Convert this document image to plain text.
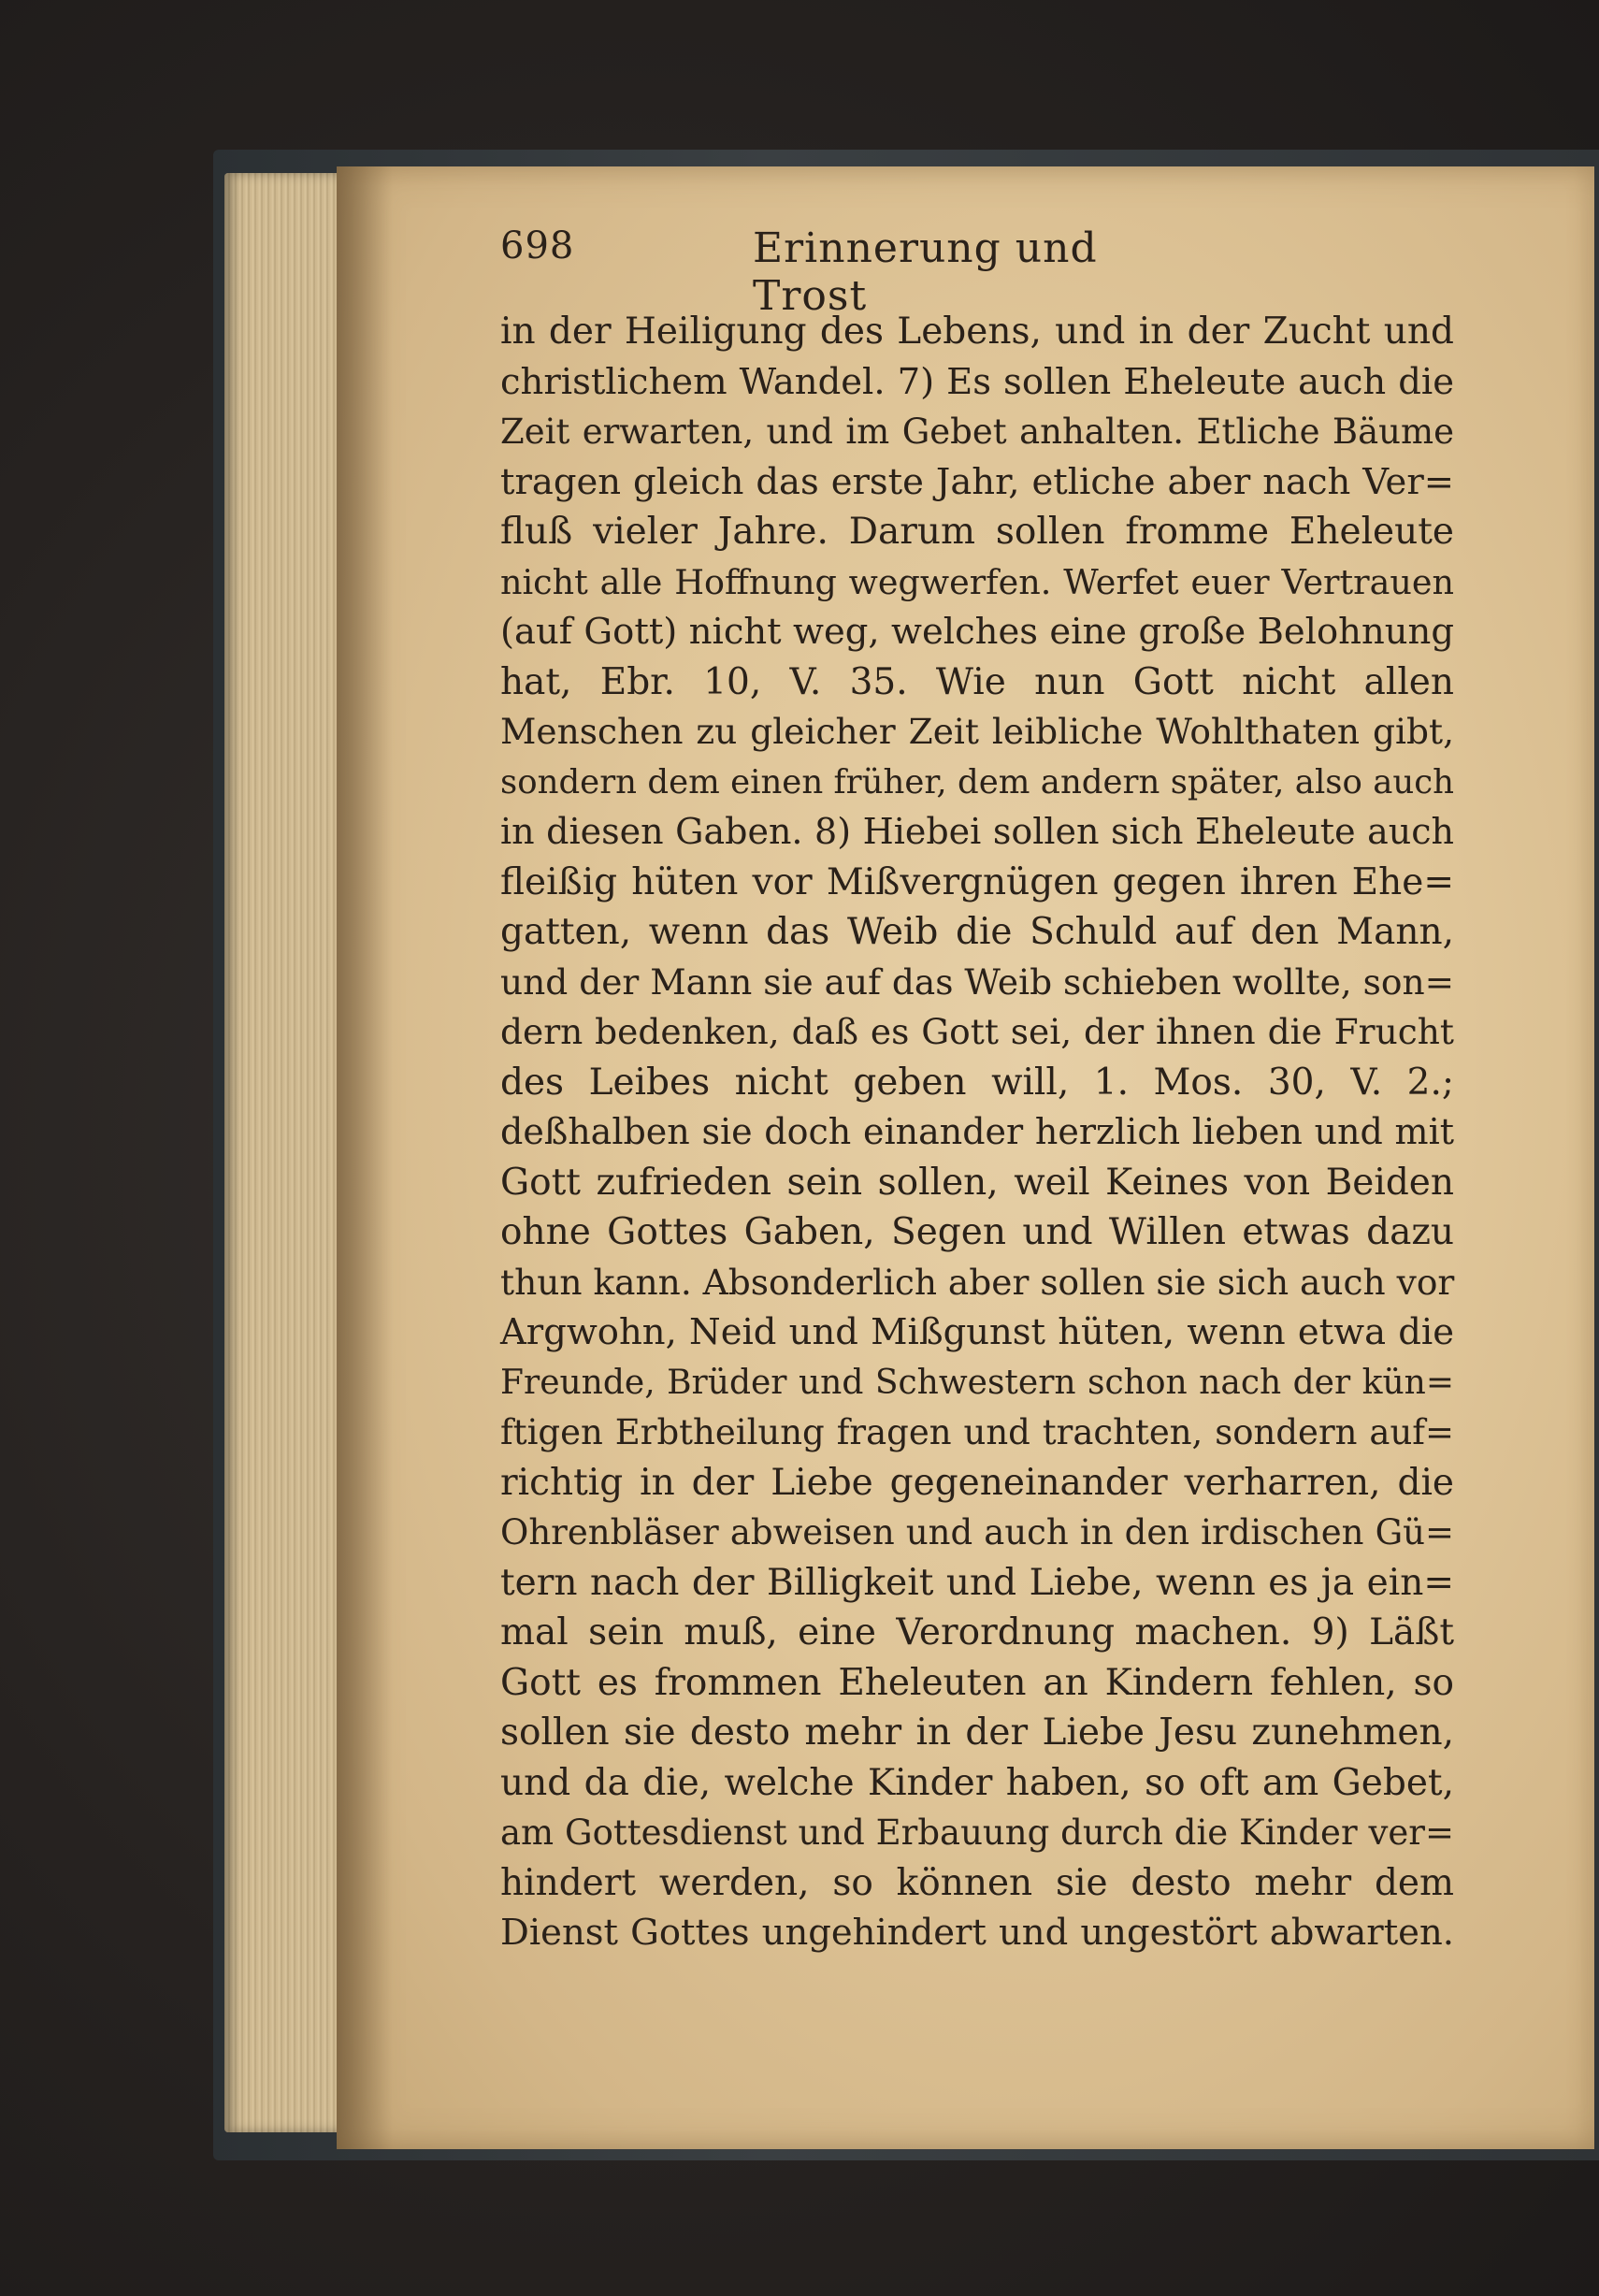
698	Erinnerung und Trost
in der Heiligung des Lebens, und in der Zucht und
christlichem Wandel. 7) Es sollen Eheleute auch die
Zeit erwarten, und im Gebet anhalten. Etliche Bäume
tragen gleich das erste Jahr, etliche aber nach Ver=
fluß vieler Jahre. Darum sollen fromme Eheleute
nicht alle Hoffnung wegwerfen. Werfet euer Vertrauen
(auf Gott) nicht weg, welches eine große Belohnung
hat, Ebr. 10, V. 35. Wie nun Gott nicht allen
Menschen zu gleicher Zeit leibliche Wohlthaten gibt,
sondern dem einen früher, dem andern später, also auch
in diesen Gaben. 8) Hiebei sollen sich Eheleute auch
fleißig hüten vor Mißvergnügen gegen ihren Ehe=
gatten, wenn das Weib die Schuld auf den Mann,
und der Mann sie auf das Weib schieben wollte, son=
dern bedenken, daß es Gott sei, der ihnen die Frucht
des Leibes nicht geben will, 1. Mos. 30, V. 2.;
deßhalben sie doch einander herzlich lieben und mit
Gott zufrieden sein sollen, weil Keines von Beiden
ohne Gottes Gaben, Segen und Willen etwas dazu
thun kann. Absonderlich aber sollen sie sich auch vor
Argwohn, Neid und Mißgunst hüten, wenn etwa die
Freunde, Brüder und Schwestern schon nach der kün=
ftigen Erbtheilung fragen und trachten, sondern auf=
richtig in der Liebe gegeneinander verharren, die
Ohrenbläser abweisen und auch in den irdischen Gü=
tern nach der Billigkeit und Liebe, wenn es ja ein=
mal sein muß, eine Verordnung machen. 9) Läßt
Gott es frommen Eheleuten an Kindern fehlen, so
sollen sie desto mehr in der Liebe Jesu zunehmen,
und da die, welche Kinder haben, so oft am Gebet,
am Gottesdienst und Erbauung durch die Kinder ver=
hindert werden, so können sie desto mehr dem
Dienst Gottes ungehindert und ungestört abwarten.
